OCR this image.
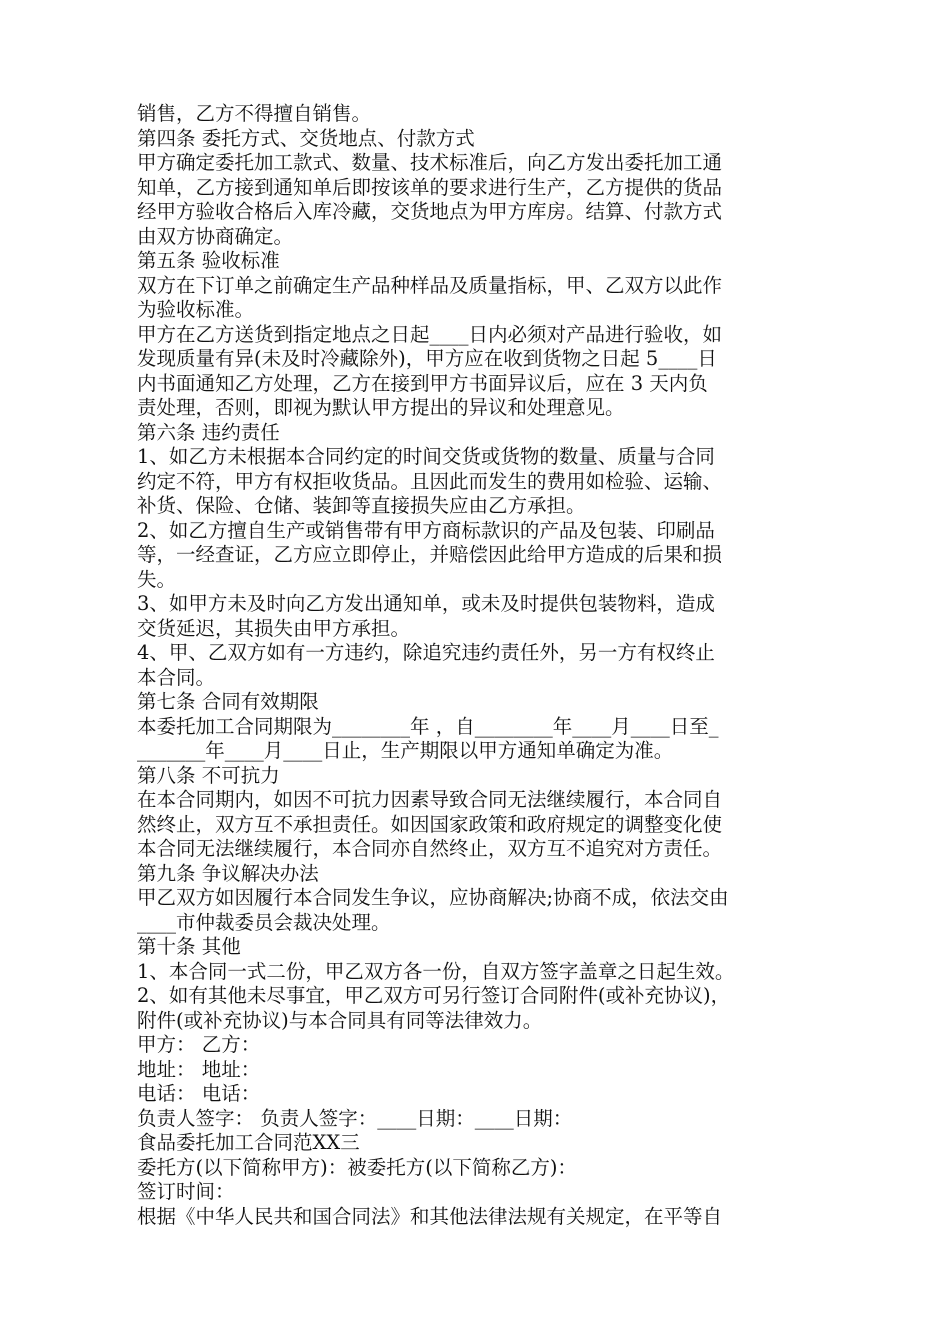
销售，乙方不得擅自销售。

第四条 委托方式、交货地点、付款方式

甲方确定委托加工款式、数量、技术标准后，向乙方发出委托加工通

知单，乙方接到通知单后即按该单的要求进行生产，乙方提供的货品

经甲方验收合格后入库冷藏，交货地点为甲方库房。结算、付款方式

由双方协商确定。

第五条 验收标准

双方在下订单之前确定生产品种样品及质量指标，甲、乙双方以此作

为验收标准。

甲方在乙方送货到指定地点之日起____日内必须对产品进行验收，如

发现质量有异(未及时冷藏除外)，甲方应在收到货物之日起 5____日

内书面通知乙方处理，乙方在接到甲方书面异议后，应在 3 天内负

责处理，否则，即视为默认甲方提出的异议和处理意见。

第六条 违约责任

1、如乙方未根据本合同约定的时间交货或货物的数量、质量与合同

约定不符，甲方有权拒收货品。且因此而发生的费用如检验、运输、

补货、保险、仓储、装卸等直接损失应由乙方承担。

2、如乙方擅自生产或销售带有甲方商标款识的产品及包装、印刷品

等，一经查证，乙方应立即停止，并赔偿因此给甲方造成的后果和损

失。

3、如甲方未及时向乙方发出通知单，或未及时提供包装物料，造成

交货延迟，其损失由甲方承担。

4、甲、乙双方如有一方违约，除追究违约责任外，另一方有权终止

本合同。

第七条 合同有效期限

本委托加工合同期限为________年 ，自________年____月____日至_

_______年____月____日止，生产期限以甲方通知单确定为准。

第八条 不可抗力

在本合同期内，如因不可抗力因素导致合同无法继续履行，本合同自

然终止，双方互不承担责任。如因国家政策和政府规定的调整变化使

本合同无法继续履行，本合同亦自然终止，双方互不追究对方责任。

第九条 争议解决办法

甲乙双方如因履行本合同发生争议，应协商解决;协商不成，依法交由

____市仲裁委员会裁决处理。

第十条 其他

1、本合同一式二份，甲乙双方各一份，自双方签字盖章之日起生效。

2、如有其他未尽事宜，甲乙双方可另行签订合同附件(或补充协议)，

附件(或补充协议)与本合同具有同等法律效力。

甲方： 乙方：

地址： 地址：

电话： 电话：

负责人签字： 负责人签字：____日期：____日期：

食品委托加工合同范XX三

委托方(以下简称甲方)：被委托方(以下简称乙方)：

签订时间：

根据《中华人民共和国合同法》和其他法律法规有关规定，在平等自
